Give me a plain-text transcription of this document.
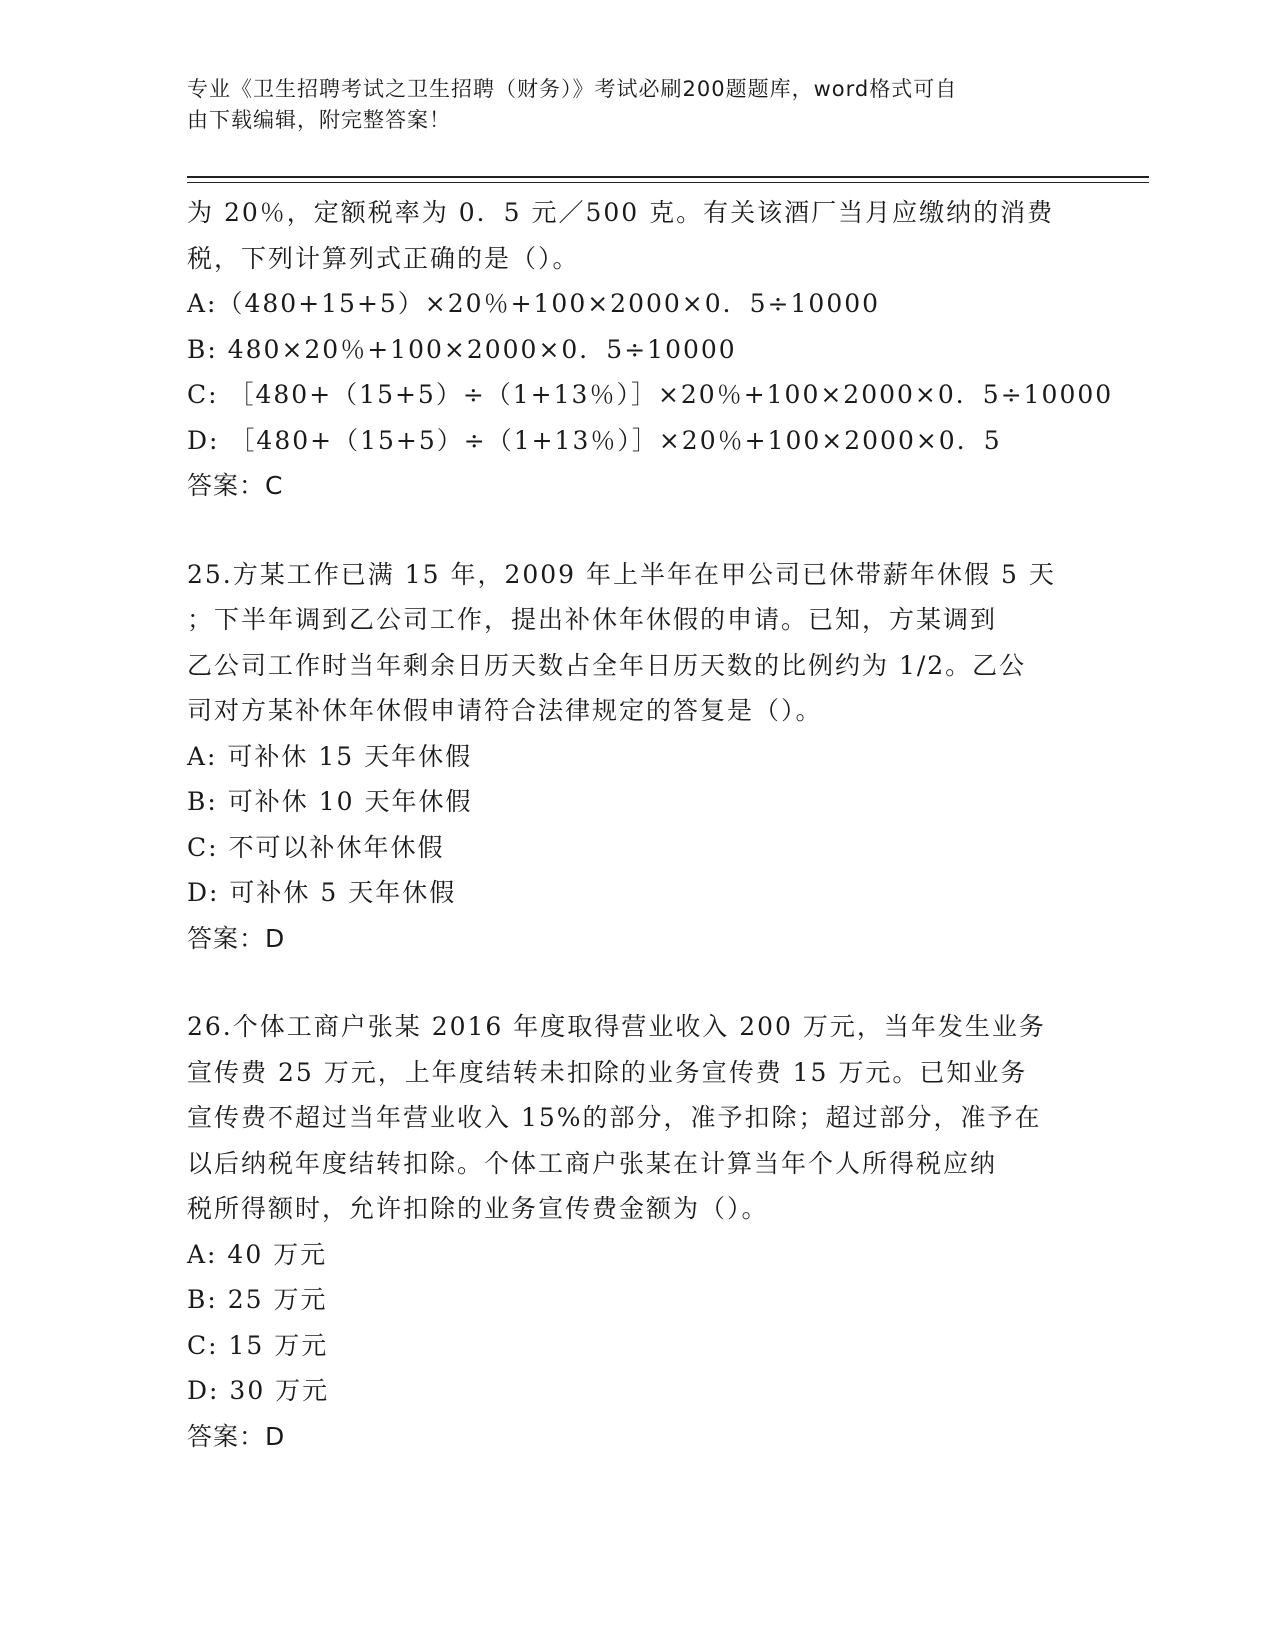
专业《卫生招聘考试之卫生招聘（财务）》考试必刷200题题库，word格式可自
由下载编辑，附完整答案！
为 20％，定额税率为 0．5 元／500 克。有关该酒厂当月应缴纳的消费
税，下列计算列式正确的是（）。
A:（480+15+5）×20％+100×2000×0．5÷10000
B: 480×20％+100×2000×0．5÷10000
C: ［480+（15+5）÷（1+13％）］×20％+100×2000×0．5÷10000
D: ［480+（15+5）÷（1+13％）］×20％+100×2000×0．5
答案：C
25.方某工作已满 15 年，2009 年上半年在甲公司已休带薪年休假 5 天
；下半年调到乙公司工作，提出补休年休假的申请。已知，方某调到
乙公司工作时当年剩余日历天数占全年日历天数的比例约为 1/2。乙公
司对方某补休年休假申请符合法律规定的答复是（）。
A: 可补休 15 天年休假
B: 可补休 10 天年休假
C: 不可以补休年休假
D: 可补休 5 天年休假
答案：D
26.个体工商户张某 2016 年度取得营业收入 200 万元，当年发生业务
宣传费 25 万元，上年度结转未扣除的业务宣传费 15 万元。已知业务
宣传费不超过当年营业收入 15%的部分，准予扣除；超过部分，准予在
以后纳税年度结转扣除。个体工商户张某在计算当年个人所得税应纳
税所得额时，允许扣除的业务宣传费金额为（）。
A: 40 万元
B: 25 万元
C: 15 万元
D: 30 万元
答案：D
